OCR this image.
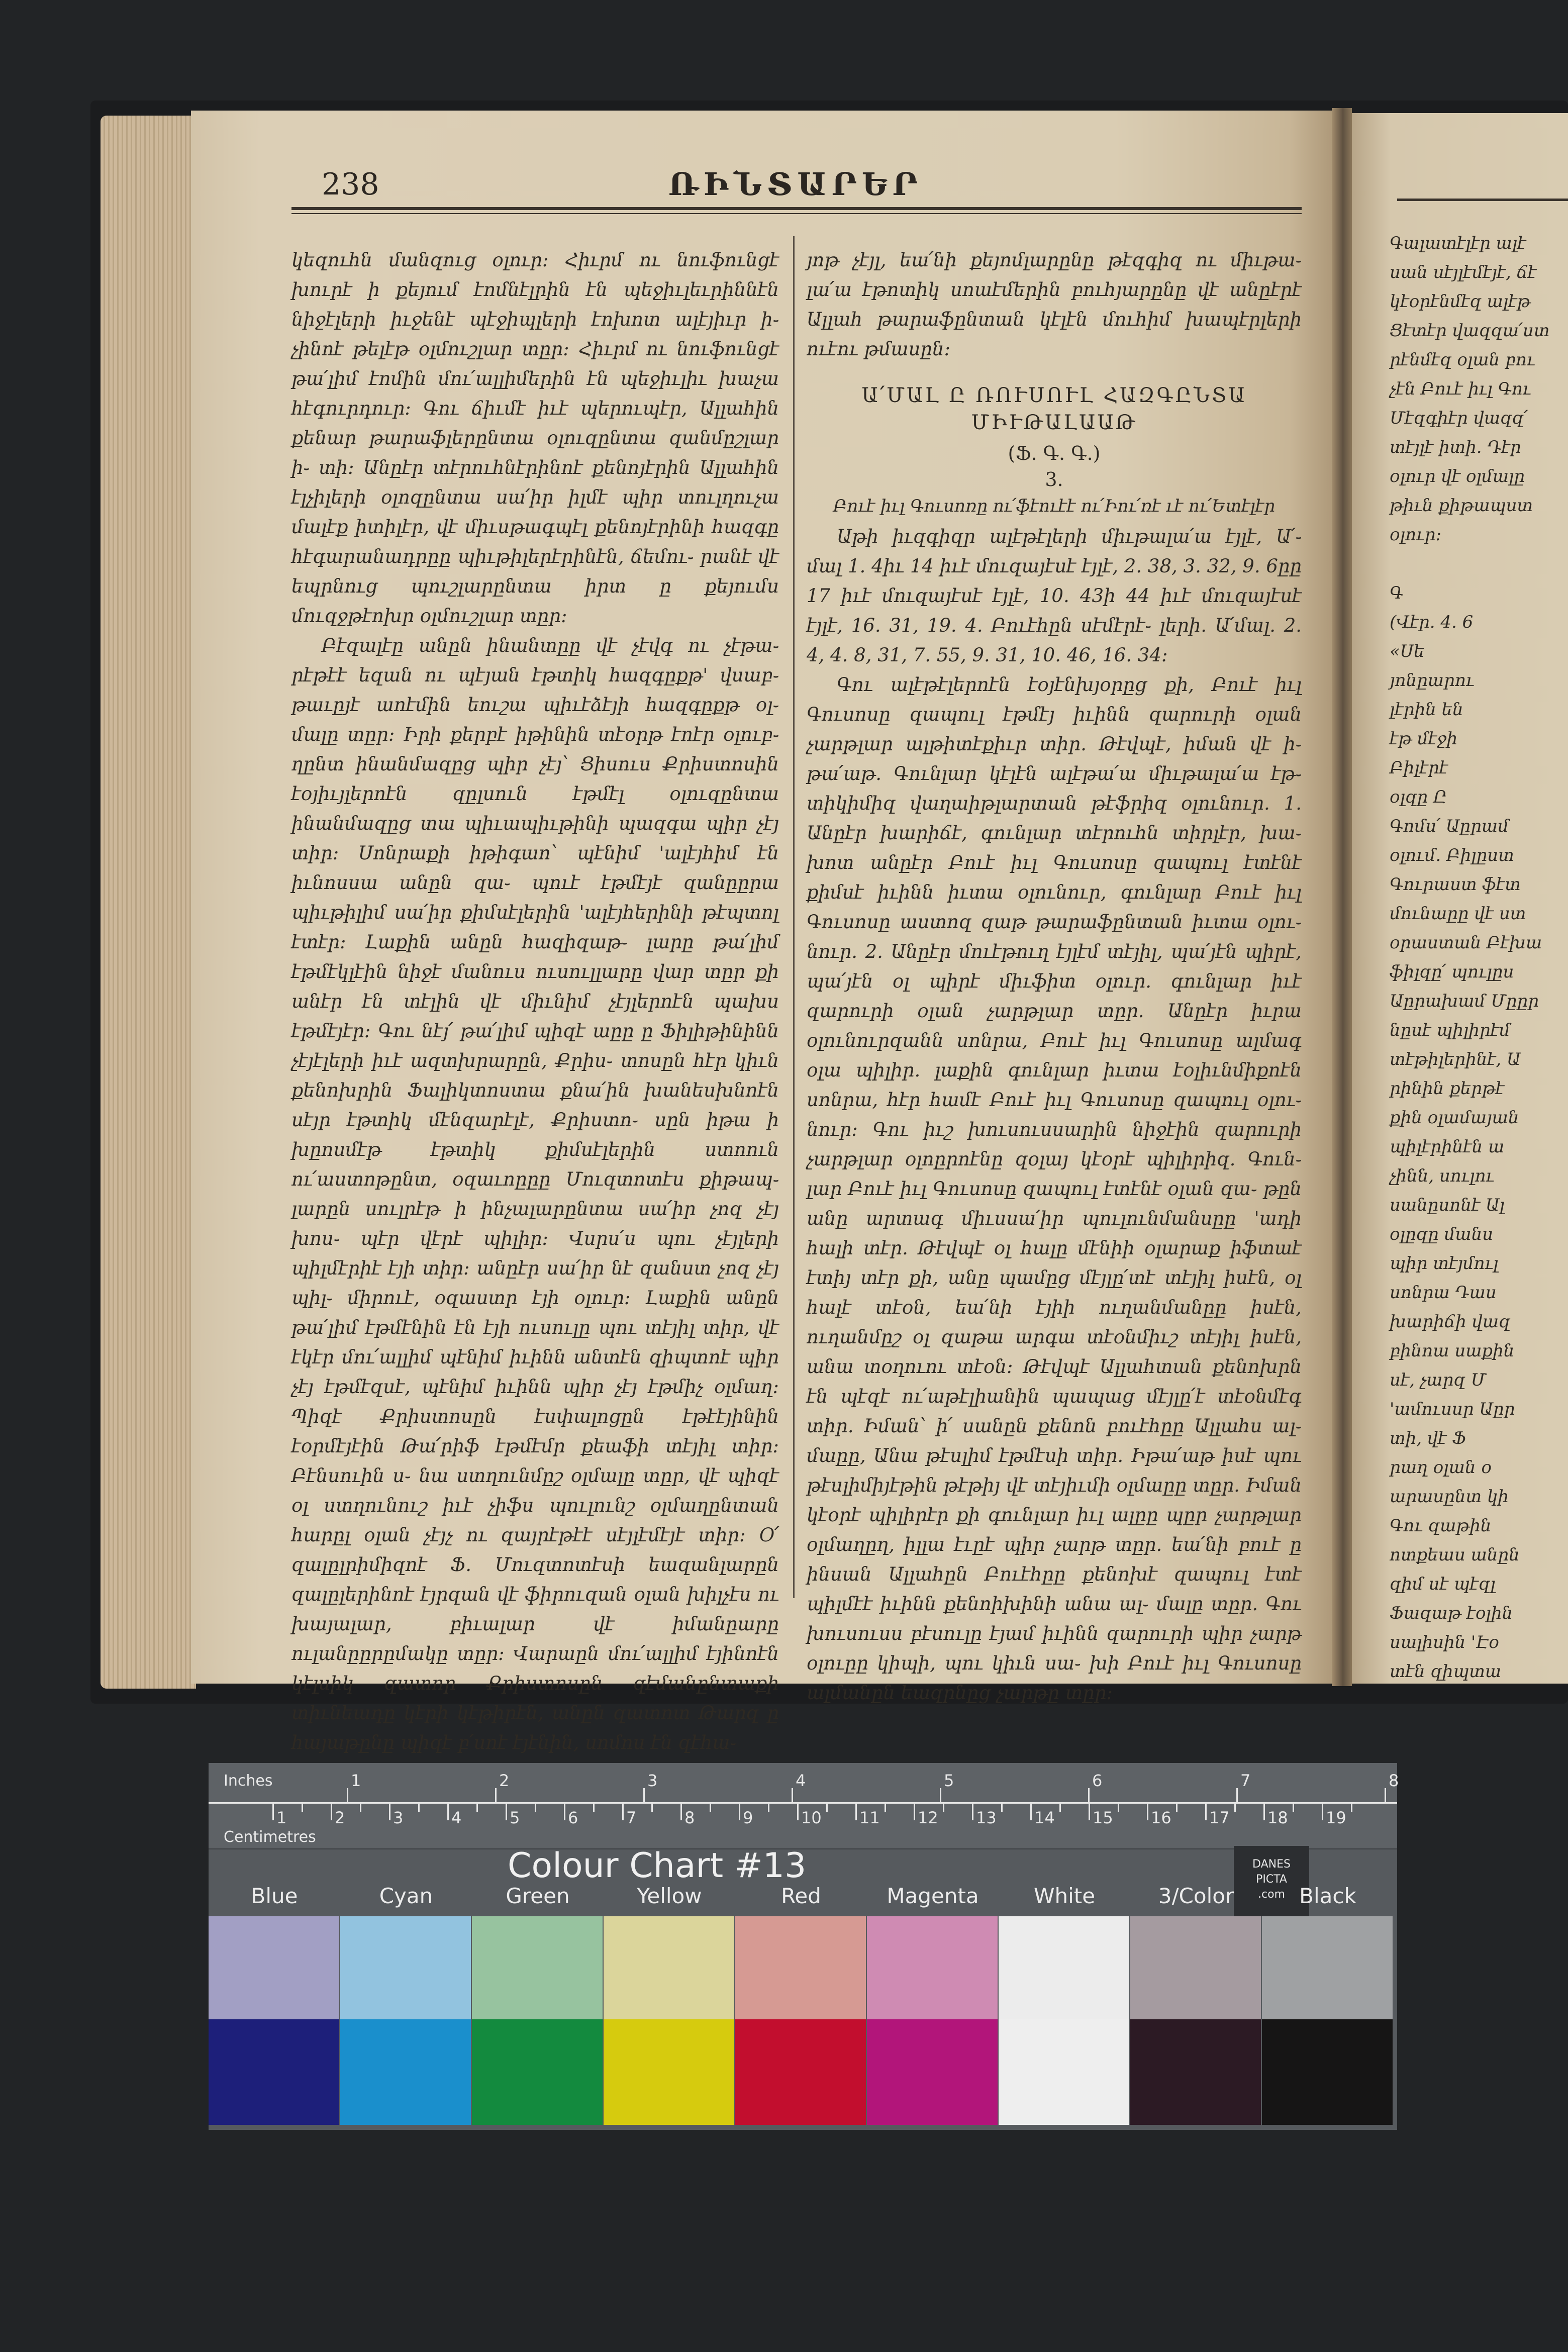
238	ՌԻՆՏԱՐԵՐ

կեզուհն մանզուց օլուր։ Հիւրմ ու նուֆունցէ խուրէ ի քեյում էոմնէլրին էն պեջիւլեւրիննէն նիջէլերի իւջենէ պէջիպլերի էոխոտ ալէյիւր ի֊ չինոէ թելէթ օլմուշլար տըր։ Հիւրմ ու նուֆունցէ թա՛լիմ էոմին մու՛ալլիմերին էն պեջիւլիւ խաչա հէգուրդուր։ Գու ճիւմէ իւէ պերուպէր, Ալլահին քենար թարաֆլերընտա օլուզընտա զանմըշլար ի֊ տի։ Անըէր տէրուհնէրինոէ քենոյէրին Ալլահին էլչիլերի օլոզընտա սա՛իր իլմէ պիր տուլղուչա մալէք իտիլէր, վէ միւսթագպէլ քենոյէրինի հազգը հէգարանադրըը պիւթիլերէրինէն, ճեմու֊ րանէ վէ եպրնուց պուշլարընտա իրտ ը քեյումս մուզջթէոխր օլմուշլար տըր։

Բէզալէը անըն ինանտըը վէ չէվգ ու չէթա֊ րէթէէ եզան ու պէյան էթտիկ հազգըքթ' վսաբ֊ թաւըյէ աոէմին եուշա պիւէձէյի հազգըքթ օլ֊ մալը տըր։ Իրի քերբէ իթինին տէօրթ էոէր օլուբ֊ ղընտ ինանմազըց պիր չէյ՝ Ցիսուս Քրիստոսին էօյիւյլերոէն զըլսուն էթմէլ օլուզընտա ինանմազըց տա պիւապիւթինի պազգա պիր չէյ տիր։ Սոնրաքի իթիգաո՝ պէնիմ 'ալէյհիմ էն իւնոսսա անըն զա֊ պուէ էթմէյէ զանըըրա պիւթիլիմ սա՛իր քիմսէլերին 'ալէյհերինի թէպտոլ էտէր։ Լաքին անըն հազիզաթ֊ լարը թա՛լիմ էթմէկլէին նիջէ մանուս ուսուլլարը վար տըր քի անէր էն տէլին վէ միւնիմ չէյլերոէն պախս էթմէյէր։ Գու նէյ՛ թա՛լիմ պիզէ աըը ը Ֆիլիթինինն չէյէլերի իւէ ազտխրարըն, Քրիս֊ տոսըն հէր կիւն քենոխրին Ֆալիկտոստա քնա՛ին խանեսխնոէն սէյր էթտիկ մէնզարէլէ, Քրիստո֊ սըն իթա ի խըոսմէթ էթտիկ քիմսէլերին ստոուն ու՛աստոթընտ, օզաւոըըը Մուզտոտէս քիթապ֊ լարըն սուլրէթ ի ինչալարընտա սա՛իր չոզ չէյ խոս֊ պէր վէրէ պիլիր։ Վսրս՛ս պու չէյլերի պիլմէրիէ էյի տիր։ անըէր սա՛իր նէ զանստ չոզ չէյ պիլ֊ միրուէ, օզաստր էյի օլուր։ Լաքին անըն թա՛լիմ էթմէնին էն էյի ուսուլը պու տէյիլ տիր, վէ էկէր մու՛ալլիմ պէնիմ իւինն անտէն զիպտոէ պիր չէյ էթմէզսէ, պէնիմ իւինն պիր չէյ էթմիչ օլմաղ։ Պիզէ Քրիստոսըն էսփալոցըն էթէէյինին էօրմէյէին Թա՛րիֆ էթմէմր քեաֆի տէյիլ տիր։ Բէնսուին ս֊ նա ստղունմըշ օլմալը տըր, վէ պիզէ օլ ստղունուշ իւէ չիֆս պուլունշ օլմաղընտան հարըլ օլան չէյչ ու զայրէթէէ սէյլէմէյէ տիր։ Օ՛ զալըլրիմիզոէ Ֆ. Մուզտոտէսի եազանլարըն զալըլերինոէ էյրզան վէ ֆիրուզան օլան խիլչէս ու խայալար, բիւալար վէ իմանըարը ուլանըըրըմակը տըր։ Վարաըն մու՛ալլիմ էյինոէն կէլսիկ զատոր Քրիստոսըն զէմանընտաքի տիւնեադը կէրի կէթիրէն, անըն զատոտ Թարզ ը հայաթընը պիզէ բ՛սոէ էյէնին, սոմոս էն զէհա֊

յոթ չէյլ, եա՛նի քեյոմլարընը թէզգիզ ու միւթա֊ լա՛ա էթոտիկ սոաէմերին բուհյարընը վէ անըէրէ Ալլահ թարաֆընտան կէլէն մուհիմ խապէրլերի ուէու թմասըն։

Ա՛ՄԱԼ Ը ՌՈՒՍՈՒԼ ՀԱԶԳԸՆՏԱ ՄԻՒԹԱԼԱԱԹ
(Ֆ. Գ. Գ.)
3.
Բուէ իւլ Գուսոռը ու՛ֆէուէէ ու՛Իու՛ռէ ւէ ու՛Ետէլէր

Աթի իւզգիզր ալէթէլերի միւթալա՛ա էյլէ, Ա՛֊ մալ 1. 4իւ 14 իւէ մուզայէսէ էյլէ, 2. 38, 3. 32, 9. 6ըը 17 իւէ մուզայէսէ էյլէ, 10. 43ի 44 իւէ մուզայէսէ էյլէ, 16. 31, 19. 4. Բուէհըն սէմէրէ֊ լերի. Ա՛մալ. 2. 4, 4. 8, 31, 7. 55, 9. 31, 10. 46, 16. 34։

Գու ալէթէլերոէն էօյէնխյօրըց քի, Բուէ իւլ Գուսոսը զապուլ էթմէյ իւինն զարուրի օլան չարթլար ալթիտէքիւր տիր. Թէվպէ, իման վէ ի֊ թա՛աթ. Գունլար կէլէն ալէթա՛ա միւթալա՛ա էթ֊ տիկիմիզ վաղաիթլարտան թէֆրիզ օլունուր. 1. Անըէր խարիճէ, գունլար տէրուհն տիրլէր, խա֊ խոտ անըէր Բուէ իւլ Գուսոսը զապուլ էտէնէ քիմսէ իւինն իւտա օլունուր, գունլար Բուէ իւլ Գուսոսը աստոզ զաթ թարաֆընտան իւտա օլու֊ նուր. 2. Անըէր մուէթուղ էյլէմ տէյիլ, պա՛յէն պիրէ, պա՛յէն օլ պիրէ միւֆիտ օլուր. գունլար իւէ զարուրի օլան չարթլար տըր. Անըէր իւրա օլունուրզանն սոնրա, Բուէ իւլ Գուսոսը ալմագ օլա պիլիր. լաքին գունլար իւտա էօլիւնմիքոէն սոնրա, հէր համէ Բուէ իւլ Գուսոսը զապուլ օլու֊ նուր։ Գու իւշ խուսուսսարին նիջէին զարուրի չարթլար օլոըրոէնը զօլայ կէօրէ պիլիրիզ. Գուն֊ լար Բուէ իւլ Գուսոսը զապուլ էտէնէ օլան զա֊ թըն անը արտագ միւսսա՛իր պուլունմանսըը 'ադի հալի տէր. Թէվպէ օլ հալը մէնիի օլարաք իֆտաէ էտիյ տէր քի, անը պամըց մէյլը՛տէ տէյիլ իսէն, օլ հալէ տէօն, եա՛նի էյիի ուղանմանըը իսէն, ուղանմըշ օլ զաթա արգա տէօնմիւշ տէյիլ իսէն, անա տօղուու տէօն։ Թէվպէ Ալլահտան քենոխրն էն պէզէ ու՛աթէլիանին պապաց մէյլը՛է տէօնմէգ տիր. Իման՝ ի՛ սանըն քենոն բուէհըը Ալլահս ալ֊ մաըը, Անա թէսլիմ էթմէսի տիր. Իթա՛աթ իսէ պու թէսլիմիյէթին թէթիյ վէ տէյիւմի օլմաըը տըր. Իման կէօրէ պիլիրէր քի գունլար իւլ ալըը պըր չարթլար օլմաղըղ, իլլա էւըէ պիր չարթ տըր. եա՛նի բուէ ը ինսան Ալլահըն Բուէհըը քենոխէ զապուլ էտէ պիլմէէ իւինն քենոիխինի անա ալ֊ մալը տըր. Գու խուսուսս բէսուլը էյամ իւինն զարուրի պիր չարթ օլուըը կիպի, պու կիւն սա֊ խի Բուէ իւլ Գուսոսը ալմանըն եազրնըց չարթը տըր։

Գալատէլէր ալէ
սան սէյլէմէյէ, ճէ
կէօրէնմէզ ալէթ
Ցէտէր վազզա՛ստ
րէնմէզ օլան բու
չէն Բուէ իւլ Գու
Մէզգիէր վազզ՛
տէյլէ իտի. Դէր
օլուր վէ օլմալը
թիւն քիթապստ
օլուր։

Գ
(Վէր. 4. 6
«Սե
յոնըարու
լէրին են
էթ մէջի
Բիլէրէ
օլզը Ը
Գոմս՛ Աըրամ
օլում. Բիլըստ
Գուրաստ ֆէտ
մունաըը վէ ստ
օրաստան Բէխա
ֆիլզը՛ պուլըս
Աըրախամ Մըըր
նըսէ պիլիրէմ
տէթիլերինէ, Ա
րինին քերթէ
քին օլամայան
պիլէրինէն ա
չինն, սուլու
սանըսոնէ Ալ
օլըզը մանս
պիր տէյմուլ
սոնրա Դաս
խարիճի վազ
բինոա սաքին
սէ, չարզ Մ
'ամուսսր Աըր
տի, վէ Ֆ
րաղ օլան օ
արասընտ կի
Գու զաթին
ոտքեաս անըն
զիմ սէ պէզլ
Ֆազաթ էօլին
սալիսին 'Էօ
տէն զիպտա
Inches
Centimetres
1	2	3	4	5	6	7	8
1	2	3	4	5	6	7	8	9	10 11 12 13 14 15 16 17 18 19
Colour Chart #13	DANES
PICTA
.com
Blue	Cyan	Green	Yellow	Red	Magenta	White	3/Color	Black
